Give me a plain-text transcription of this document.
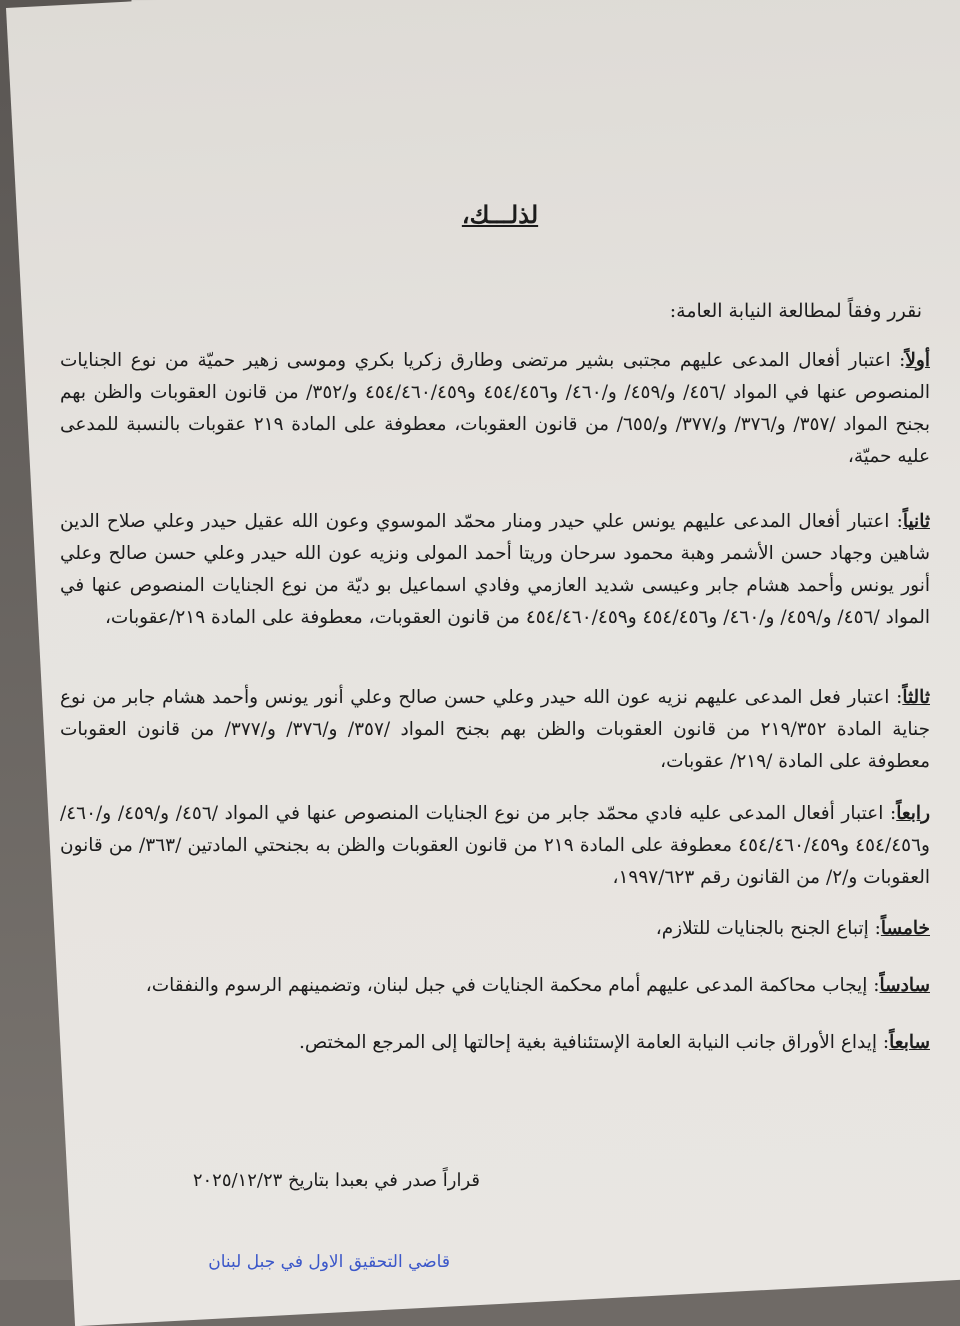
لذلـــك،
نقرر وفقاً لمطالعة النيابة العامة:
أولاً: اعتبار أفعال المدعى عليهم مجتبى بشير مرتضى وطارق زكريا بكري وموسى زهير حميّة من نوع الجنايات المنصوص عنها في المواد /٤٥٦/ و/٤٥٩/ و/٤٦٠/ و٤٥٤/٤٥٦ و٤٥٤/٤٦٠/٤٥٩ و/٣٥٢/ من قانون العقوبات والظن بهم بجنح المواد /٣٥٧/ و/٣٧٦/ و/٣٧٧/ و/٦٥٥/ من قانون العقوبات، معطوفة على المادة ٢١٩ عقوبات بالنسبة للمدعى عليه حميّة،
ثانياً: اعتبار أفعال المدعى عليهم يونس علي حيدر ومنار محمّد الموسوي وعون الله عقيل حيدر وعلي صلاح الدين شاهين وجهاد حسن الأشمر وهبة محمود سرحان وريتا أحمد المولى ونزيه عون الله حيدر وعلي حسن صالح وعلي أنور يونس وأحمد هشام جابر وعيسى شديد العازمي وفادي اسماعيل بو ديّة من نوع الجنايات المنصوص عنها في المواد /٤٥٦/ و/٤٥٩/ و/٤٦٠/ و٤٥٤/٤٥٦ و٤٥٤/٤٦٠/٤٥٩ من قانون العقوبات، معطوفة على المادة ٢١٩/عقوبات،
ثالثاً: اعتبار فعل المدعى عليهم نزيه عون الله حيدر وعلي حسن صالح وعلي أنور يونس وأحمد هشام جابر من نوع جناية المادة ٢١٩/٣٥٢ من قانون العقوبات والظن بهم بجنح المواد /٣٥٧/ و/٣٧٦/ و/٣٧٧/ من قانون العقوبات معطوفة على المادة /٢١٩/ عقوبات،
رابعاً: اعتبار أفعال المدعى عليه فادي محمّد جابر من نوع الجنايات المنصوص عنها في المواد /٤٥٦/ و/٤٥٩/ و/٤٦٠/ و٤٥٤/٤٥٦ و٤٥٤/٤٦٠/٤٥٩ معطوفة على المادة ٢١٩ من قانون العقوبات والظن به بجنحتي المادتين /٣٦٣/ من قانون العقوبات و/٢/ من القانون رقم ١٩٩٧/٦٢٣،
خامساً: إتباع الجنح بالجنايات للتلازم،
سادساً: إيجاب محاكمة المدعى عليهم أمام محكمة الجنايات في جبل لبنان، وتضمينهم الرسوم والنفقات،
سابعاً: إيداع الأوراق جانب النيابة العامة الإستئنافية بغية إحالتها إلى المرجع المختص.
قراراً صدر في بعبدا بتاريخ ٢٠٢٥/١٢/٢٣
قاضي التحقيق الاول في جبل لبنان
